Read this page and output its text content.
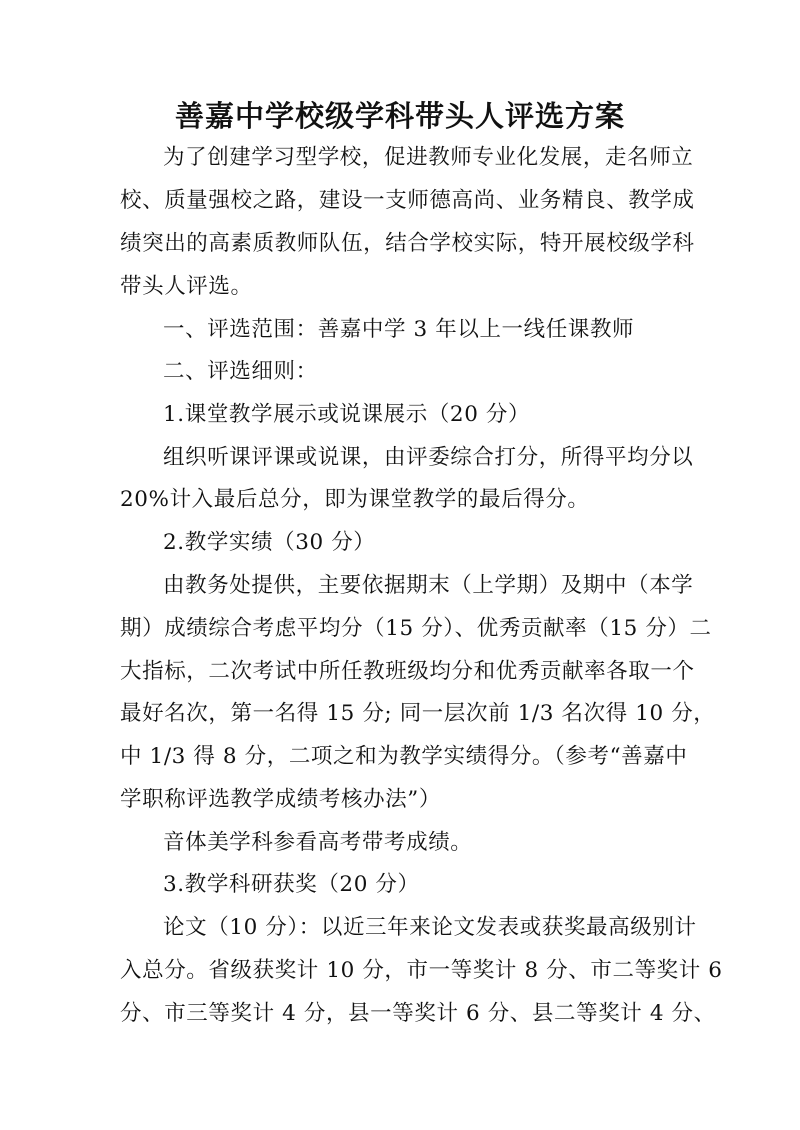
善嘉中学校级学科带头人评选方案

为了创建学习型学校，促进教师专业化发展，走名师立

校、质量强校之路，建设一支师德高尚、业务精良、教学成

绩突出的高素质教师队伍，结合学校实际，特开展校级学科

带头人评选。

一、评选范围：善嘉中学 3 年以上一线任课教师

二、评选细则：

1.课堂教学展示或说课展示（20 分）

组织听课评课或说课，由评委综合打分，所得平均分以

20%计入最后总分，即为课堂教学的最后得分。

2.教学实绩（30 分）

由教务处提供，主要依据期末（上学期）及期中（本学

期）成绩综合考虑平均分（15 分）、优秀贡献率（15 分）二

大指标，二次考试中所任教班级均分和优秀贡献率各取一个

最好名次，第一名得 15 分; 同一层次前 1/3 名次得 10 分，

中 1/3 得 8 分，二项之和为教学实绩得分。（参考“善嘉中

学职称评选教学成绩考核办法”）

音体美学科参看高考带考成绩。

3.教学科研获奖（20 分）

论文（10 分）：以近三年来论文发表或获奖最高级别计

入总分。省级获奖计 10 分，市一等奖计 8 分、市二等奖计 6

分、市三等奖计 4 分，县一等奖计 6 分、县二等奖计 4 分、
